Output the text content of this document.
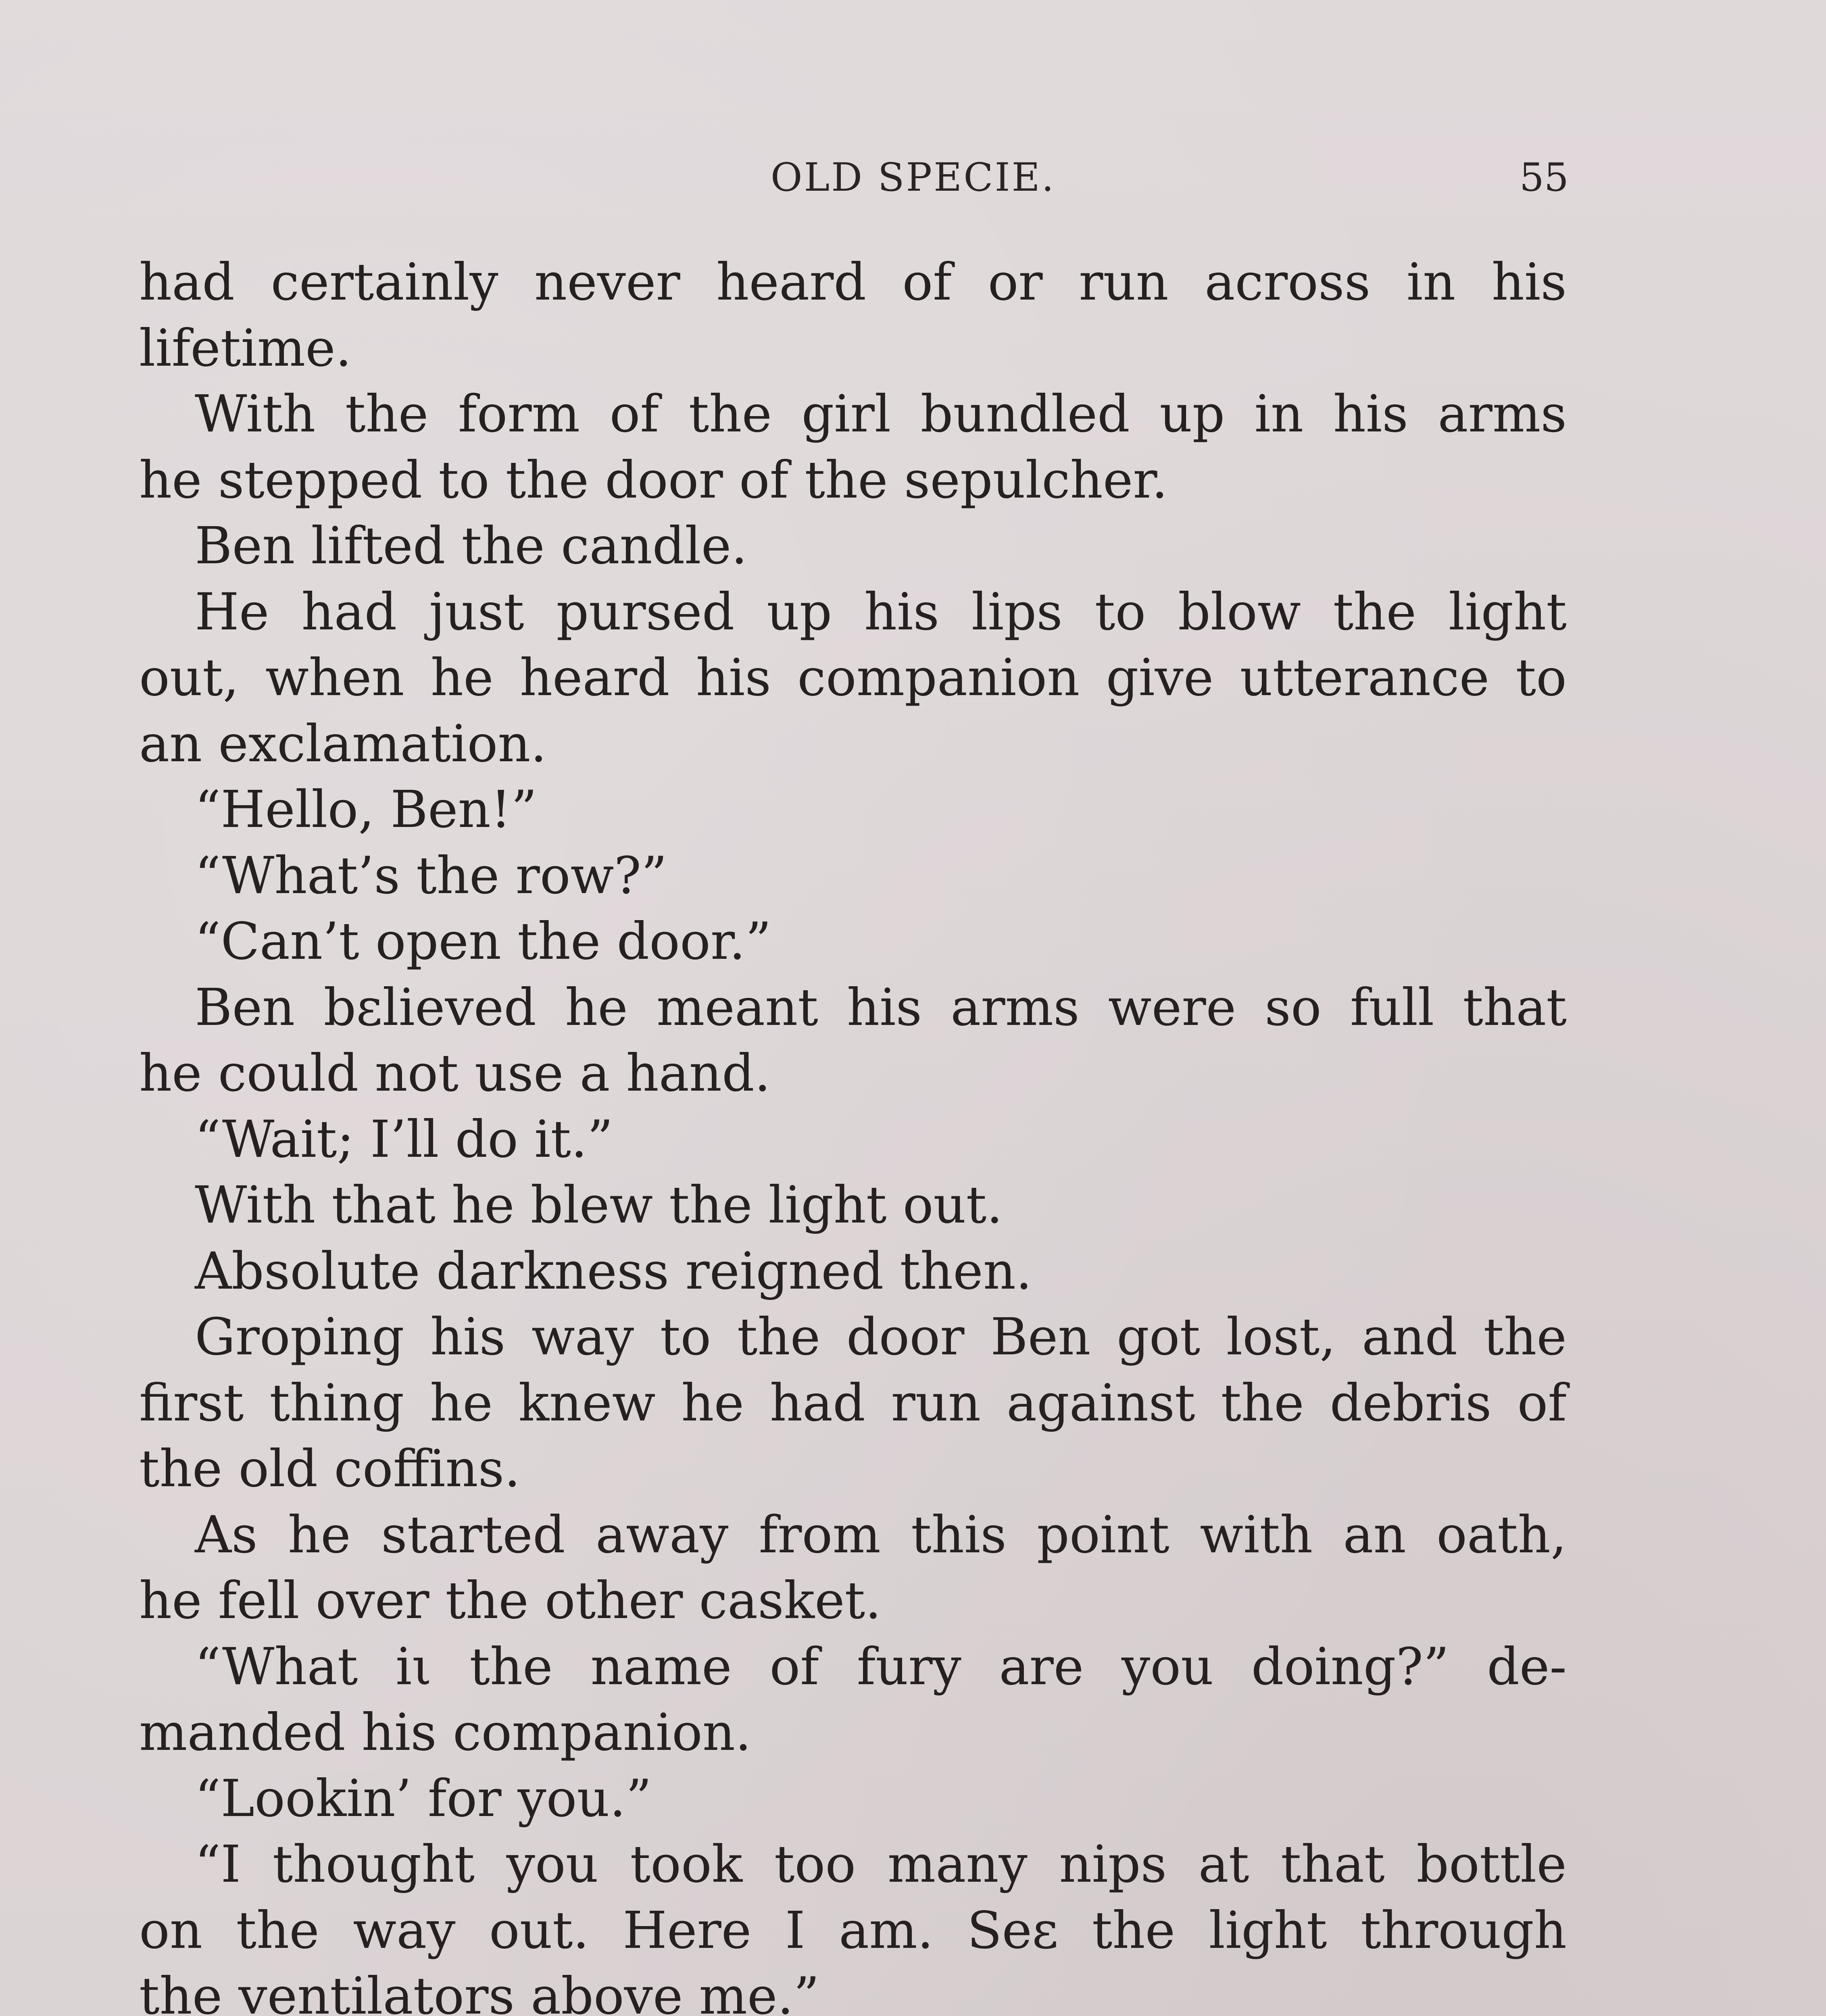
OLD SPECIE.	55
had certainly never heard of or run across in his
lifetime.
With the form of the girl bundled up in his arms
he stepped to the door of the sepulcher.
Ben lifted the candle.
He had just pursed up his lips to blow the light
out, when he heard his companion give utterance to
an exclamation.
“Hello, Ben!”
“What’s the row?”
“Can’t open the door.”
Ben bεlieved he meant his arms were so full that
he could not use a hand.
“Wait; I’ll do it.”
With that he blew the light out.
Absolute darkness reigned then.
Groping his way to the door Ben got lost, and the
first thing he knew he had run against the debris of
the old coffins.
As he started away from this point with an oath,
he fell over the other casket.
“What iι the name of fury are you doing?” de-
manded his companion.
“Lookin’ for you.”
“I thought you took too many nips at that bottle
on the way out. Here I am. Seε the light through
the ventilators above me.”
